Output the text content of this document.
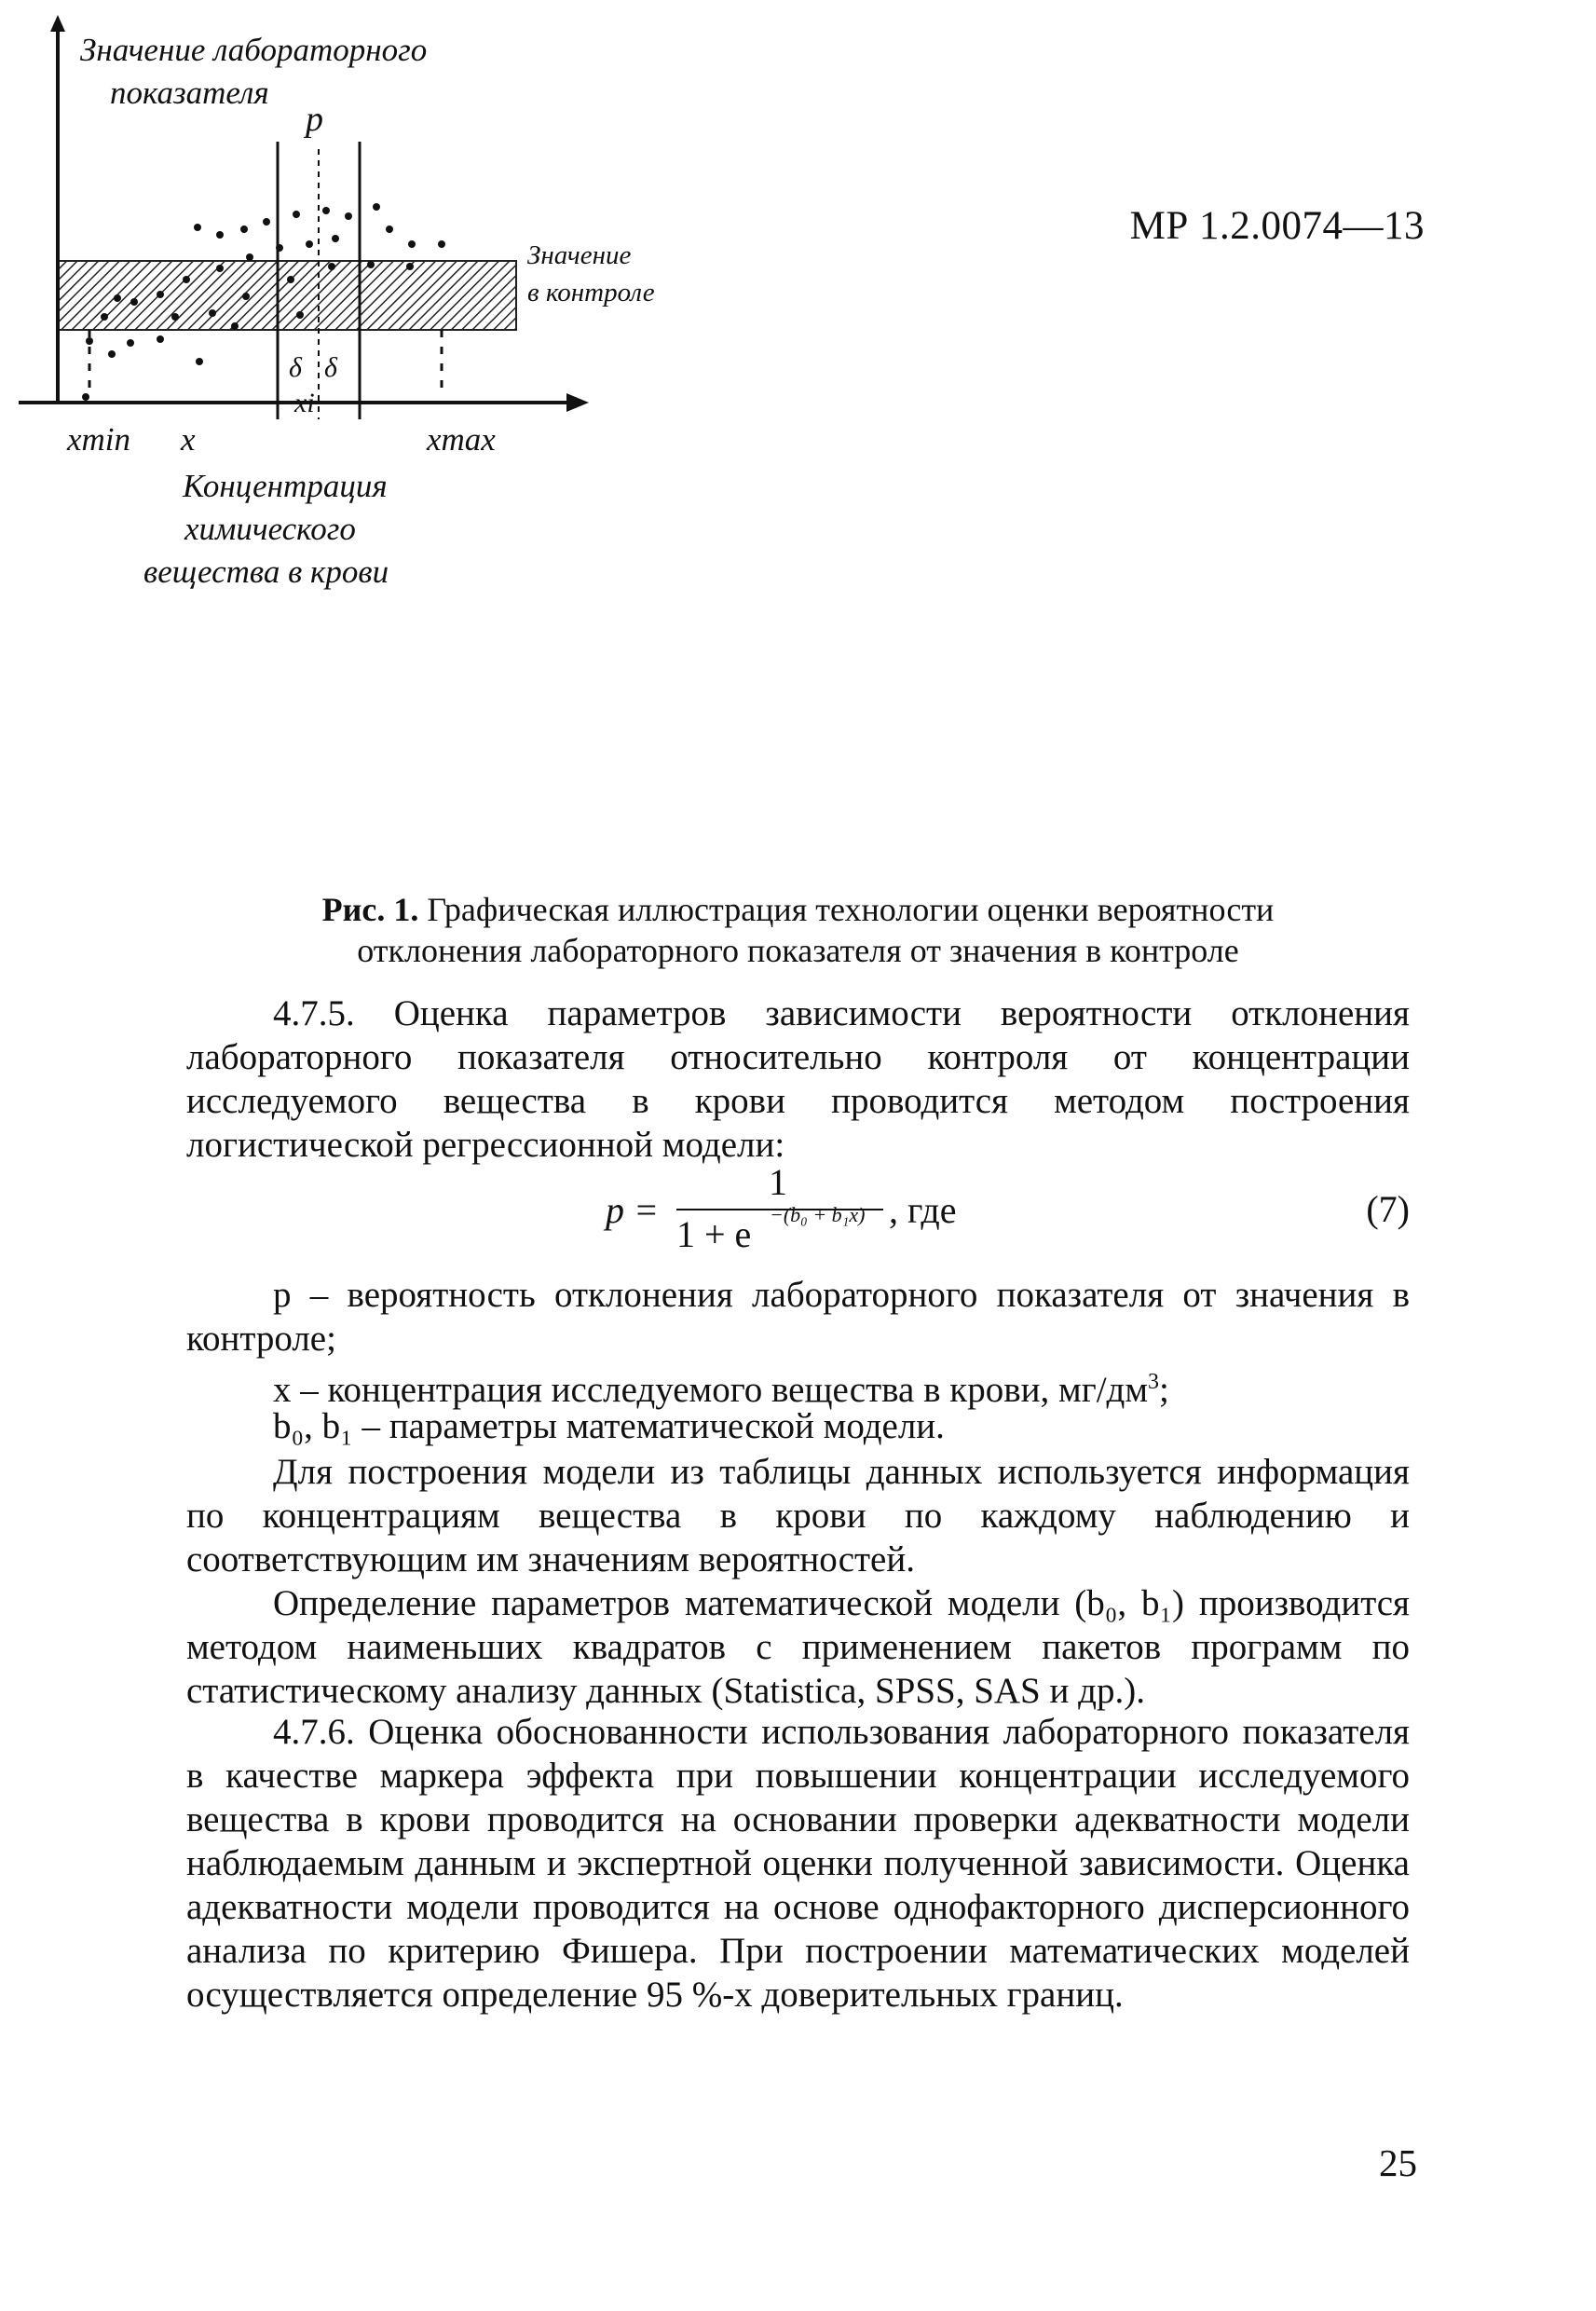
МР 1.2.0074—13
Значение лабораторного
показателя
p
Значение
в контроле
δ δ
xi
xmin x	xmax
Концентрация
химического
вещества в крови
Рис. 1. Графическая иллюстрация технологии оценки вероятности
отклонения лабораторного показателя от значения в контроле
4.7.5. Оценка параметров зависимости вероятности отклонения лабораторного показателя относительно контроля от концентрации исследуемого вещества в крови проводится методом построения логистической регрессионной модели:
p =
1
1 + e −(b₀ + b₁x) , где	(7)
p – вероятность отклонения лабораторного показателя от значения в контроле;
x – концентрация исследуемого вещества в крови, $мг/дм^3$;
b₀, b₁ – параметры математической модели.
Для построения модели из таблицы данных используется информация по концентрациям вещества в крови по каждому наблюдению и соответствующим им значениям вероятностей.
Определение параметров математической модели (b₀, b₁) производится методом наименьших квадратов с применением пакетов программ по статистическому анализу данных (Statistica, SPSS, SAS и др.).
4.7.6. Оценка обоснованности использования лабораторного показателя в качестве маркера эффекта при повышении концентрации исследуемого вещества в крови проводится на основании проверки адекватности модели наблюдаемым данным и экспертной оценки полученной зависимости. Оценка адекватности модели проводится на основе однофакторного дисперсионного анализа по критерию Фишера. При построении математических моделей осуществляется определение 95 %-х доверительных границ.
25
